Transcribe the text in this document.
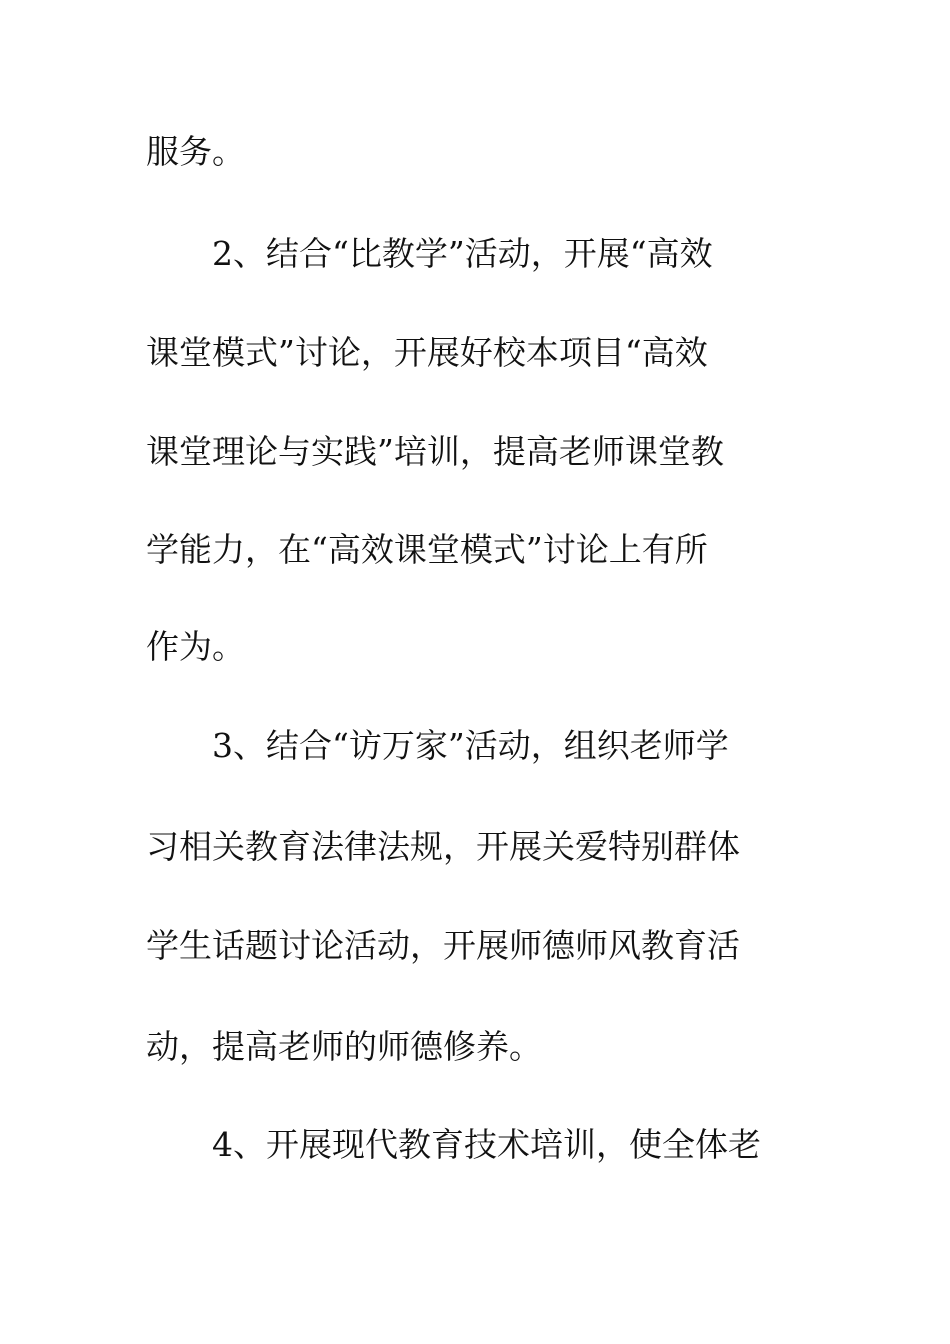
服务。
2、结合“比教学”活动，开展“高效
课堂模式”讨论，开展好校本项目“高效
课堂理论与实践”培训，提高老师课堂教
学能力，在“高效课堂模式”讨论上有所
作为。
3、结合“访万家”活动，组织老师学
习相关教育法律法规，开展关爱特别群体
学生话题讨论活动，开展师德师风教育活
动，提高老师的师德修养。
4、开展现代教育技术培训，使全体老
